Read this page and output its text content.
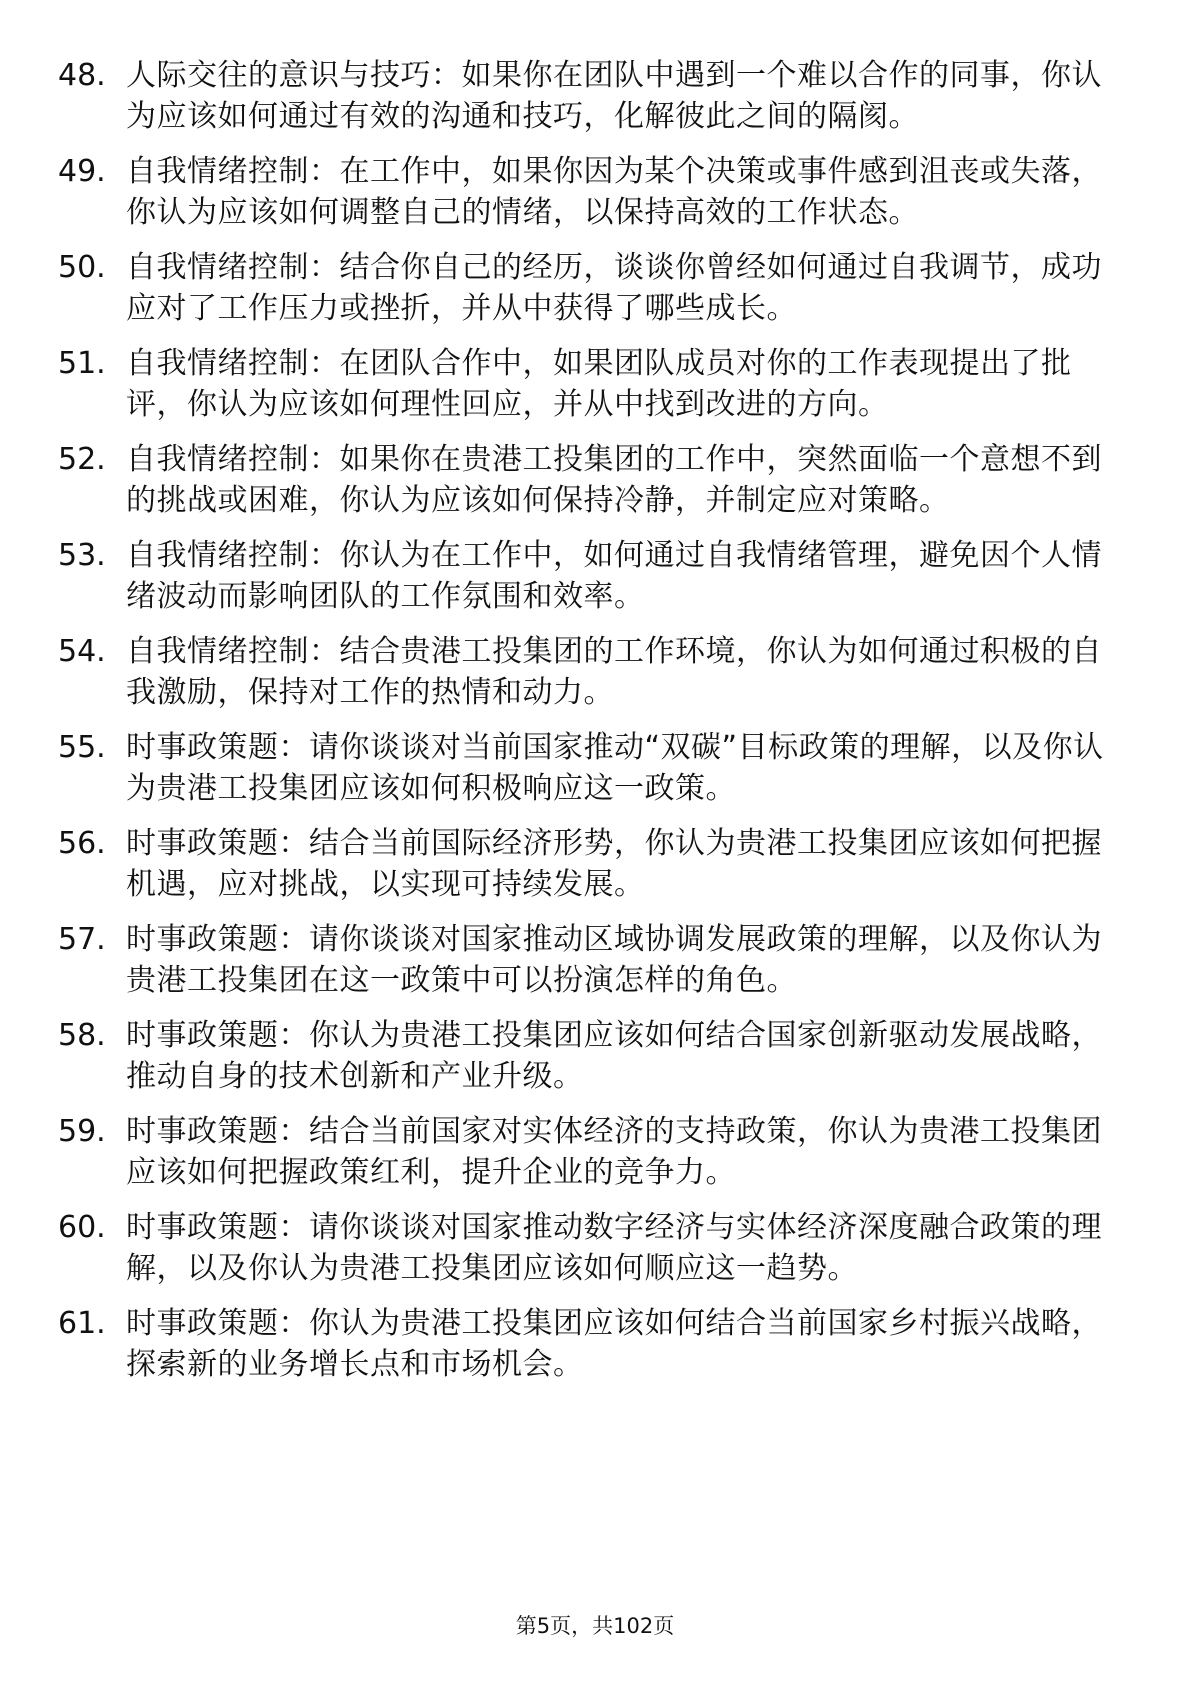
48. 人际交往的意识与技巧：如果你在团队中遇到一个难以合作的同事，你认为应该如何通过有效的沟通和技巧，化解彼此之间的隔阂。
49. 自我情绪控制：在工作中，如果你因为某个决策或事件感到沮丧或失落，你认为应该如何调整自己的情绪，以保持高效的工作状态。
50. 自我情绪控制：结合你自己的经历，谈谈你曾经如何通过自我调节，成功应对了工作压力或挫折，并从中获得了哪些成长。
51. 自我情绪控制：在团队合作中，如果团队成员对你的工作表现提出了批评，你认为应该如何理性回应，并从中找到改进的方向。
52. 自我情绪控制：如果你在贵港工投集团的工作中，突然面临一个意想不到的挑战或困难，你认为应该如何保持冷静，并制定应对策略。
53. 自我情绪控制：你认为在工作中，如何通过自我情绪管理，避免因个人情绪波动而影响团队的工作氛围和效率。
54. 自我情绪控制：结合贵港工投集团的工作环境，你认为如何通过积极的自我激励，保持对工作的热情和动力。
55. 时事政策题：请你谈谈对当前国家推动“双碳”目标政策的理解，以及你认为贵港工投集团应该如何积极响应这一政策。
56. 时事政策题：结合当前国际经济形势，你认为贵港工投集团应该如何把握机遇，应对挑战，以实现可持续发展。
57. 时事政策题：请你谈谈对国家推动区域协调发展政策的理解，以及你认为贵港工投集团在这一政策中可以扮演怎样的角色。
58. 时事政策题：你认为贵港工投集团应该如何结合国家创新驱动发展战略，推动自身的技术创新和产业升级。
59. 时事政策题：结合当前国家对实体经济的支持政策，你认为贵港工投集团应该如何把握政策红利，提升企业的竞争力。
60. 时事政策题：请你谈谈对国家推动数字经济与实体经济深度融合政策的理解，以及你认为贵港工投集团应该如何顺应这一趋势。
61. 时事政策题：你认为贵港工投集团应该如何结合当前国家乡村振兴战略，探索新的业务增长点和市场机会。
第5页，共102页
